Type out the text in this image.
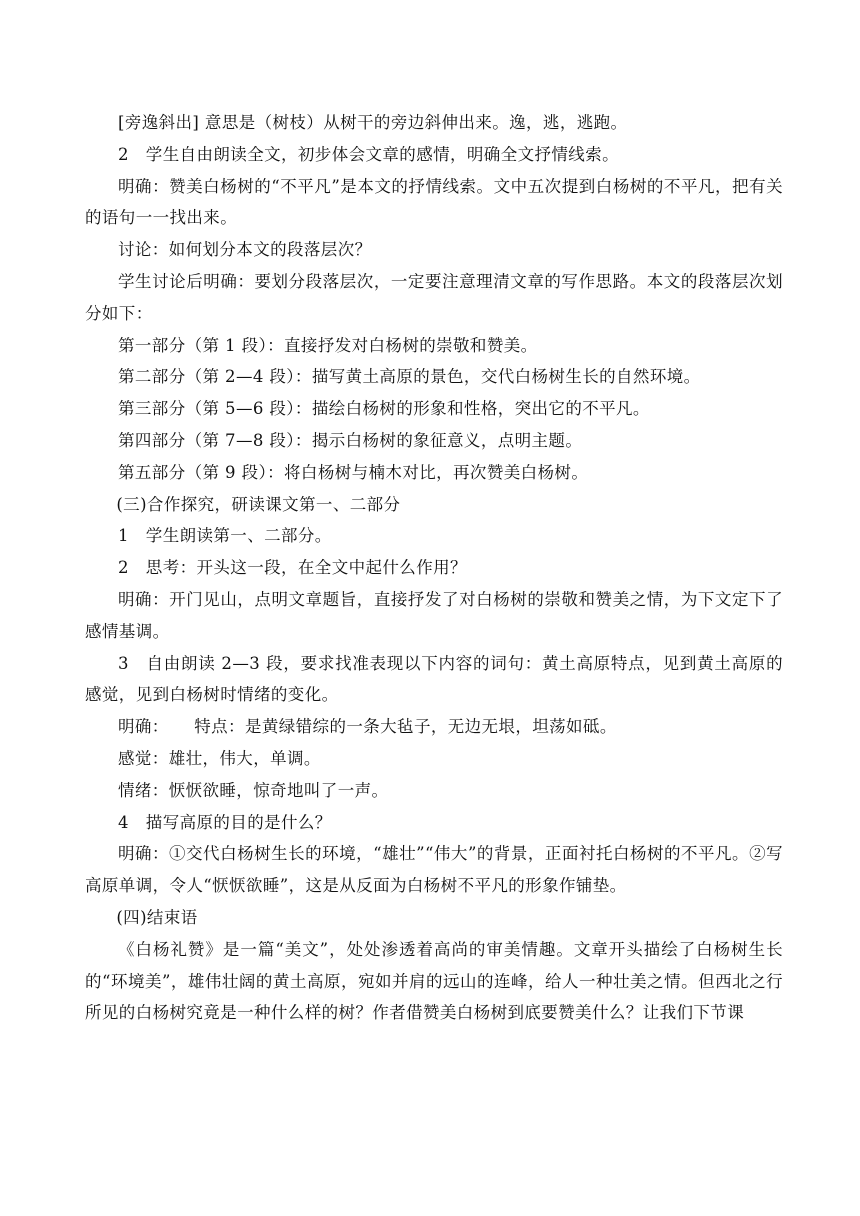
[旁逸斜出] 意思是（树枝）从树干的旁边斜伸出来。逸，逃，逃跑。

2　学生自由朗读全文，初步体会文章的感情，明确全文抒情线索。

明确：赞美白杨树的“不平凡”是本文的抒情线索。文中五次提到白杨树的不平凡，把有关的语句一一找出来。

讨论：如何划分本文的段落层次？

学生讨论后明确：要划分段落层次，一定要注意理清文章的写作思路。本文的段落层次划分如下：

第一部分（第 1 段）：直接抒发对白杨树的崇敬和赞美。

第二部分（第 2—4 段）：描写黄土高原的景色，交代白杨树生长的自然环境。

第三部分（第 5—6 段）：描绘白杨树的形象和性格，突出它的不平凡。

第四部分（第 7—8 段）：揭示白杨树的象征意义，点明主题。

第五部分（第 9 段）：将白杨树与楠木对比，再次赞美白杨树。

(三)合作探究，研读课文第一、二部分

1　学生朗读第一、二部分。

2　思考：开头这一段，在全文中起什么作用？

明确：开门见山，点明文章题旨，直接抒发了对白杨树的崇敬和赞美之情，为下文定下了感情基调。

3　自由朗读 2—3 段，要求找准表现以下内容的词句：黄土高原特点，见到黄土高原的感觉，见到白杨树时情绪的变化。

明确：　　特点：是黄绿错综的一条大毡子，无边无垠，坦荡如砥。

感觉：雄壮，伟大，单调。

情绪：恹恹欲睡，惊奇地叫了一声。

4　描写高原的目的是什么？

明确：①交代白杨树生长的环境，“雄壮”“伟大”的背景，正面衬托白杨树的不平凡。②写高原单调，令人“恹恹欲睡”，这是从反面为白杨树不平凡的形象作铺垫。

(四)结束语

《白杨礼赞》是一篇“美文”，处处渗透着高尚的审美情趣。文章开头描绘了白杨树生长的“环境美”，雄伟壮阔的黄土高原，宛如并肩的远山的连峰，给人一种壮美之情。但西北之行所见的白杨树究竟是一种什么样的树？作者借赞美白杨树到底要赞美什么？让我们下节课
